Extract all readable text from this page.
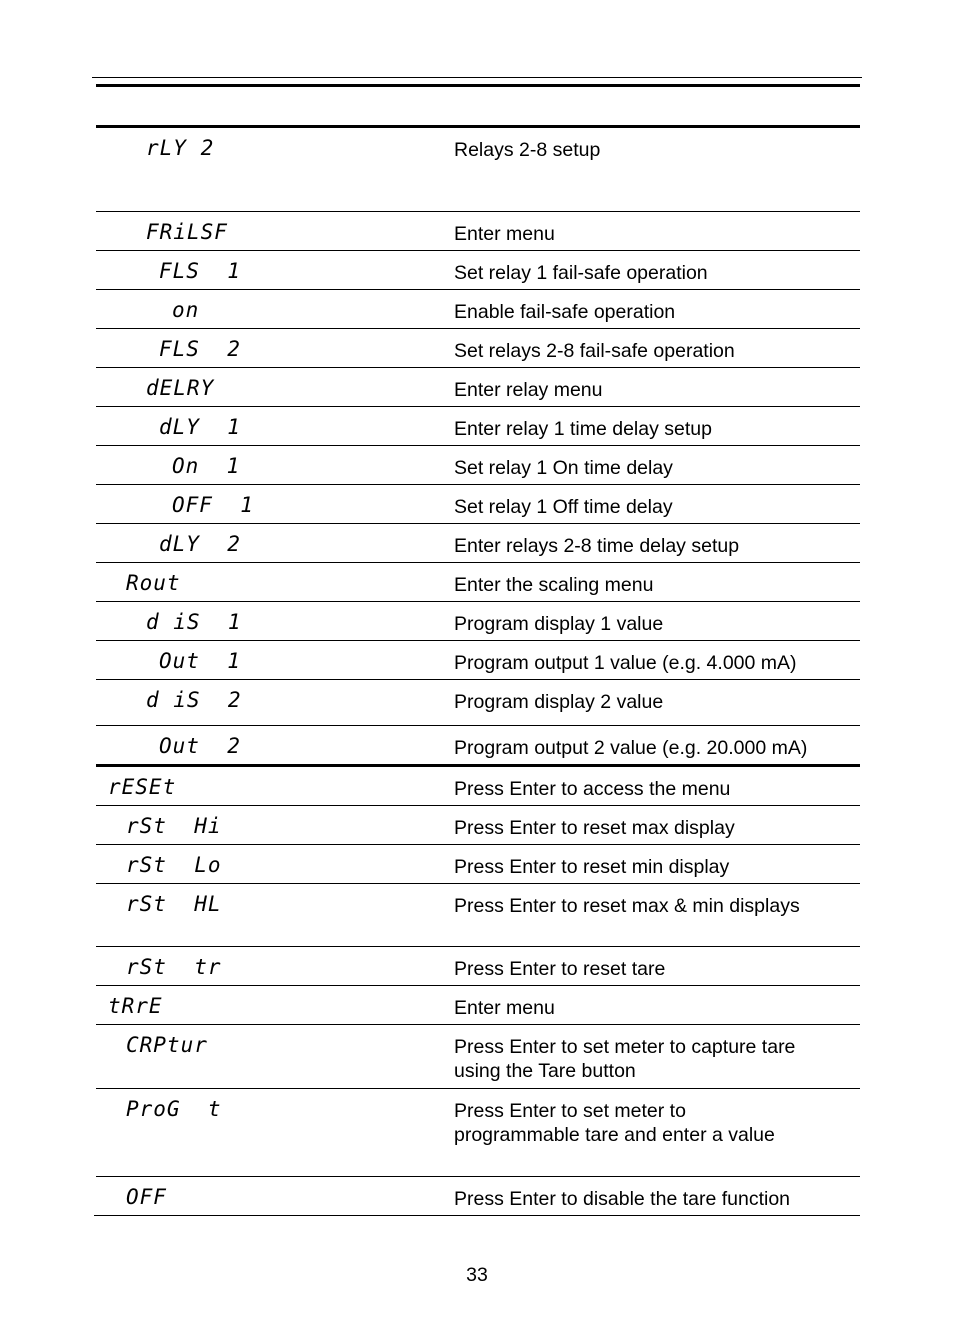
rLY 2	Relays 2-8 setup
FRiLSF	Enter menu
FLS  1	Set relay 1 fail-safe operation
on	Enable fail-safe operation
FLS  2	Set relays 2-8 fail-safe operation
dELRY	Enter relay menu
dLY  1	Enter relay 1 time delay setup
On  1	Set relay 1 On time delay
OFF  1	Set relay 1 Off time delay
dLY  2	Enter relays 2-8 time delay setup
Rout	Enter the scaling menu
d iS  1	Program display 1 value
Out  1	Program output 1 value (e.g. 4.000 mA)
d iS  2	Program display 2 value
Out  2	Program output 2 value (e.g. 20.000 mA)
rESEt	Press Enter to access the menu
rSt  Hi	Press Enter to reset max display
rSt  Lo	Press Enter to reset min display
rSt  HL	Press Enter to reset max & min displays
rSt  tr	Press Enter to reset tare
tRrE	Enter menu
CRPtur	Press Enter to set meter to capture tare
using the Tare button
ProG  t	Press Enter to set meter to
programmable tare and enter a value
OFF	Press Enter to disable the tare function
33
